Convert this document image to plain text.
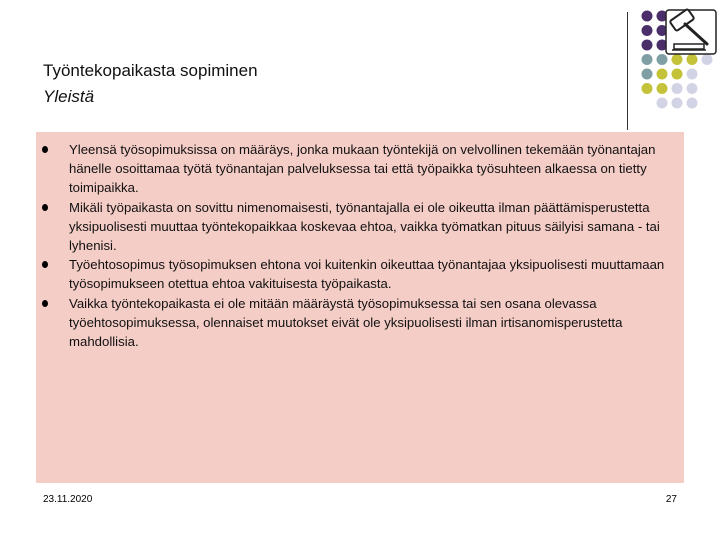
Työntekopaikasta sopiminen
Yleistä
Yleensä työsopimuksissa on määräys, jonka mukaan työntekijä on velvollinen tekemään työnantajan hänelle osoittamaa työtä työnantajan palveluksessa tai että työpaikka työsuhteen alkaessa on tietty toimipaikka.
Mikäli työpaikasta on sovittu nimenomaisesti, työnantajalla ei ole oikeutta ilman päättämisperustetta yksipuolisesti muuttaa työntekopaikkaa koskevaa ehtoa, vaikka työmatkan pituus säilyisi samana - tai lyhenisi.
Työehtosopimus työsopimuksen ehtona voi kuitenkin oikeuttaa työnantajaa yksipuolisesti muuttamaan työsopimukseen otettua ehtoa vakituisesta työpaikasta.
Vaikka työntekopaikasta ei ole mitään määräystä työsopimuksessa tai sen osana olevassa työehtosopimuksessa, olennaiset muutokset eivät ole yksipuolisesti ilman irtisanomisperustetta mahdollisia.
23.11.2020	27
